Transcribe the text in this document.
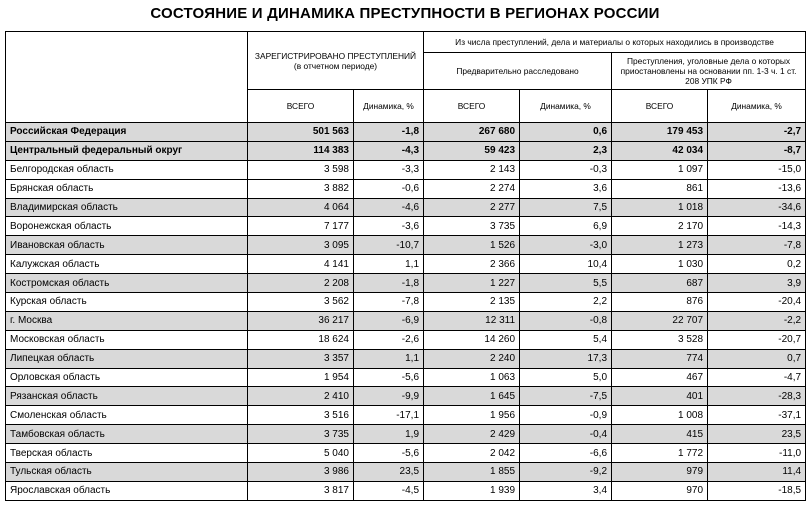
СОСТОЯНИЕ И ДИНАМИКА ПРЕСТУПНОСТИ В РЕГИОНАХ РОССИИ
	ЗАРЕГИСТРИРОВАНО ПРЕСТУПЛЕНИЙ (в отчетном периоде)		Из числа преступлений, дела и материалы о которых находились в производстве			
			Предварительно расследовано		Преступления, уголовные дела о которых приостановлены на основании пп. 1-3 ч. 1 ст. 208 УПК РФ	
	ВСЕГО	Динамика, %	ВСЕГО	Динамика, %	ВСЕГО	Динамика, %
Российская Федерация	501 563	-1,8	267 680	0,6	179 453	-2,7
Центральный федеральный округ	114 383	-4,3	59 423	2,3	42 034	-8,7
Белгородская область	3 598	-3,3	2 143	-0,3	1 097	-15,0
Брянская область	3 882	-0,6	2 274	3,6	861	-13,6
Владимирская область	4 064	-4,6	2 277	7,5	1 018	-34,6
Воронежская область	7 177	-3,6	3 735	6,9	2 170	-14,3
Ивановская область	3 095	-10,7	1 526	-3,0	1 273	-7,8
Калужская область	4 141	1,1	2 366	10,4	1 030	0,2
Костромская область	2 208	-1,8	1 227	5,5	687	3,9
Курская область	3 562	-7,8	2 135	2,2	876	-20,4
г. Москва	36 217	-6,9	12 311	-0,8	22 707	-2,2
Московская область	18 624	-2,6	14 260	5,4	3 528	-20,7
Липецкая область	3 357	1,1	2 240	17,3	774	0,7
Орловская область	1 954	-5,6	1 063	5,0	467	-4,7
Рязанская область	2 410	-9,9	1 645	-7,5	401	-28,3
Смоленская область	3 516	-17,1	1 956	-0,9	1 008	-37,1
Тамбовская область	3 735	1,9	2 429	-0,4	415	23,5
Тверская область	5 040	-5,6	2 042	-6,6	1 772	-11,0
Тульская область	3 986	23,5	1 855	-9,2	979	11,4
Ярославская область	3 817	-4,5	1 939	3,4	970	-18,5
